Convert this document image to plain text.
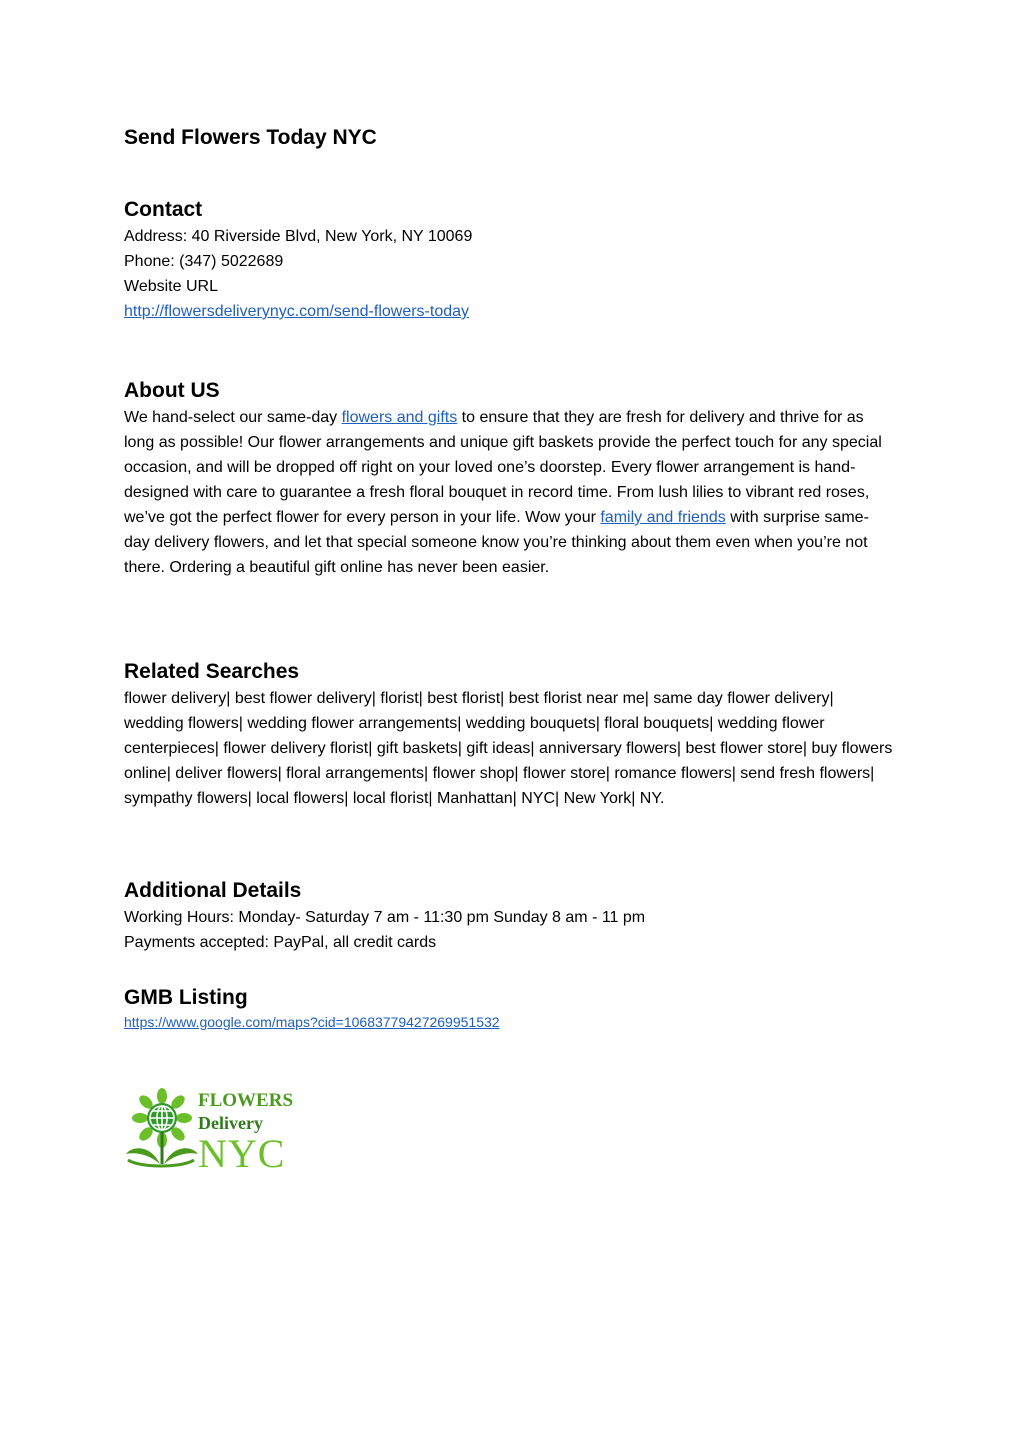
Send Flowers Today NYC
Contact

Address: 40 Riverside Blvd, New York, NY 10069
Phone: (347) 5022689
Website URL
http://flowersdeliverynyc.com/send-flowers-today

About US

We hand-select our same-day flowers and gifts to ensure that they are fresh for delivery and thrive for as long as possible! Our flower arrangements and unique gift baskets provide the perfect touch for any special occasion, and will be dropped off right on your loved one’s doorstep. Every flower arrangement is hand-designed with care to guarantee a fresh floral bouquet in record time. From lush lilies to vibrant red roses, we’ve got the perfect flower for every person in your life. Wow your family and friends with surprise same-day delivery flowers, and let that special someone know you’re thinking about them even when you’re not there. Ordering a beautiful gift online has never been easier.

Related Searches

flower delivery| best flower delivery| florist| best florist| best florist near me| same day flower delivery| wedding flowers| wedding flower arrangements| wedding bouquets| floral bouquets| wedding flower centerpieces| flower delivery florist| gift baskets| gift ideas| anniversary flowers| best flower store| buy flowers online| deliver flowers| floral arrangements| flower shop| flower store| romance flowers| send fresh flowers| sympathy flowers| local flowers| local florist| Manhattan| NYC| New York| NY.

Additional Details

Working Hours: Monday- Saturday 7 am - 11:30 pm Sunday 8 am - 11 pm
Payments accepted: PayPal, all credit cards

GMB Listing
https://www.google.com/maps?cid=10683779427269951532
FLOWERS
Delivery
NYC
